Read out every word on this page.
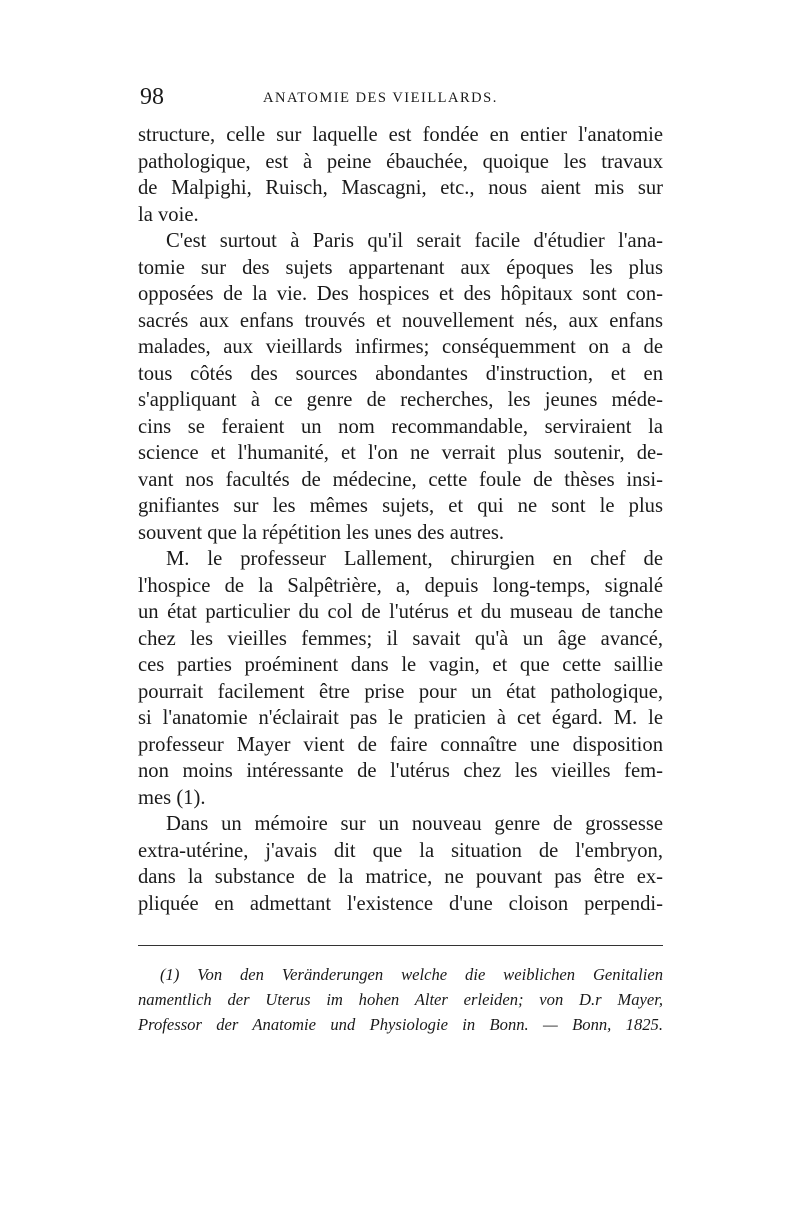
98	ANATOMIE DES VIEILLARDS.
structure, celle sur laquelle est fondée en entier l'anatomie
pathologique, est à peine ébauchée, quoique les travaux
de Malpighi, Ruisch, Mascagni, etc., nous aient mis sur
la voie.
C'est surtout à Paris qu'il serait facile d'étudier l'ana-
tomie sur des sujets appartenant aux époques les plus
opposées de la vie. Des hospices et des hôpitaux sont con-
sacrés aux enfans trouvés et nouvellement nés, aux enfans
malades, aux vieillards infirmes; conséquemment on a de
tous côtés des sources abondantes d'instruction, et en
s'appliquant à ce genre de recherches, les jeunes méde-
cins se feraient un nom recommandable, serviraient la
science et l'humanité, et l'on ne verrait plus soutenir, de-
vant nos facultés de médecine, cette foule de thèses insi-
gnifiantes sur les mêmes sujets, et qui ne sont le plus
souvent que la répétition les unes des autres.
M. le professeur Lallement, chirurgien en chef de
l'hospice de la Salpêtrière, a, depuis long-temps, signalé
un état particulier du col de l'utérus et du museau de tanche
chez les vieilles femmes; il savait qu'à un âge avancé,
ces parties proéminent dans le vagin, et que cette saillie
pourrait facilement être prise pour un état pathologique,
si l'anatomie n'éclairait pas le praticien à cet égard. M. le
professeur Mayer vient de faire connaître une disposition
non moins intéressante de l'utérus chez les vieilles fem-
mes (1).
Dans un mémoire sur un nouveau genre de grossesse
extra-utérine, j'avais dit que la situation de l'embryon,
dans la substance de la matrice, ne pouvant pas être ex-
pliquée en admettant l'existence d'une cloison perpendi-
(1) Von den Veränderungen welche die weiblichen Genitalien
namentlich der Uterus im hohen Alter erleiden; von D.r Mayer,
Professor der Anatomie und Physiologie in Bonn. — Bonn, 1825.
